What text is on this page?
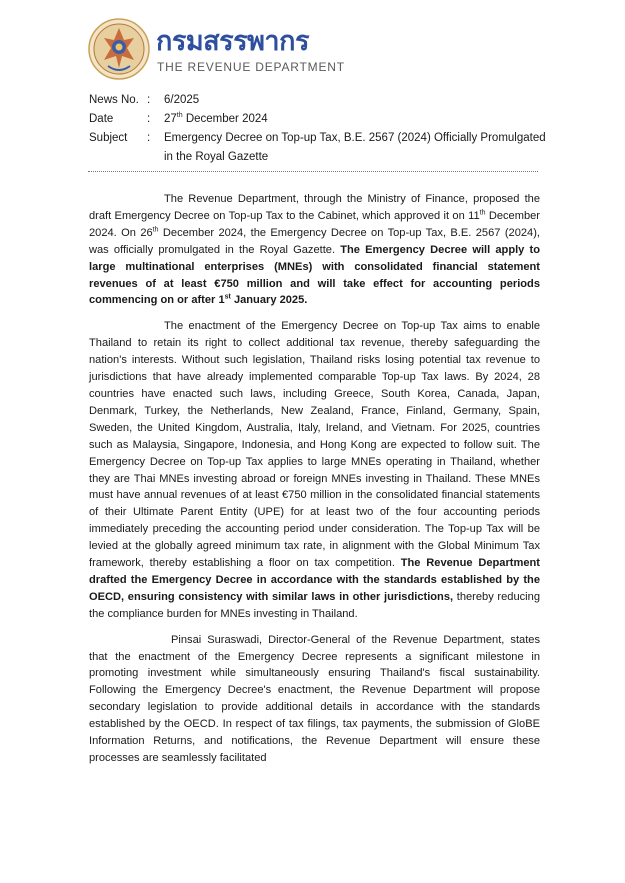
กรมสรรพากร
THE REVENUE DEPARTMENT
News No. :	6/2025
Date	:	27th December 2024
Subject	:	Emergency Decree on Top-up Tax, B.E. 2567 (2024) Officially Promulgated in the Royal Gazette

The Revenue Department, through the Ministry of Finance, proposed the draft Emergency Decree on Top-up Tax to the Cabinet, which approved it on 11th December 2024. On 26th December 2024, the Emergency Decree on Top-up Tax, B.E. 2567 (2024), was officially promulgated in the Royal Gazette. The Emergency Decree will apply to large multinational enterprises (MNEs) with consolidated financial statement revenues of at least €750 million and will take effect for accounting periods commencing on or after 1st January 2025.

The enactment of the Emergency Decree on Top-up Tax aims to enable Thailand to retain its right to collect additional tax revenue, thereby safeguarding the nation's interests. Without such legislation, Thailand risks losing potential tax revenue to jurisdictions that have already implemented comparable Top-up Tax laws. By 2024, 28 countries have enacted such laws, including Greece, South Korea, Canada, Japan, Denmark, Turkey, the Netherlands, New Zealand, France, Finland, Germany, Spain, Sweden, the United Kingdom, Australia, Italy, Ireland, and Vietnam. For 2025, countries such as Malaysia, Singapore, Indonesia, and Hong Kong are expected to follow suit. The Emergency Decree on Top-up Tax applies to large MNEs operating in Thailand, whether they are Thai MNEs investing abroad or foreign MNEs investing in Thailand. These MNEs must have annual revenues of at least €750 million in the consolidated financial statements of their Ultimate Parent Entity (UPE) for at least two of the four accounting periods immediately preceding the accounting period under consideration. The Top-up Tax will be levied at the globally agreed minimum tax rate, in alignment with the Global Minimum Tax framework, thereby establishing a floor on tax competition. The Revenue Department drafted the Emergency Decree in accordance with the standards established by the OECD, ensuring consistency with similar laws in other jurisdictions, thereby reducing the compliance burden for MNEs investing in Thailand.

Pinsai Suraswadi, Director-General of the Revenue Department, states that the enactment of the Emergency Decree represents a significant milestone in promoting investment while simultaneously ensuring Thailand's fiscal sustainability. Following the Emergency Decree's enactment, the Revenue Department will propose secondary legislation to provide additional details in accordance with the standards established by the OECD. In respect of tax filings, tax payments, the submission of GloBE Information Returns, and notifications, the Revenue Department will ensure these processes are seamlessly facilitated
